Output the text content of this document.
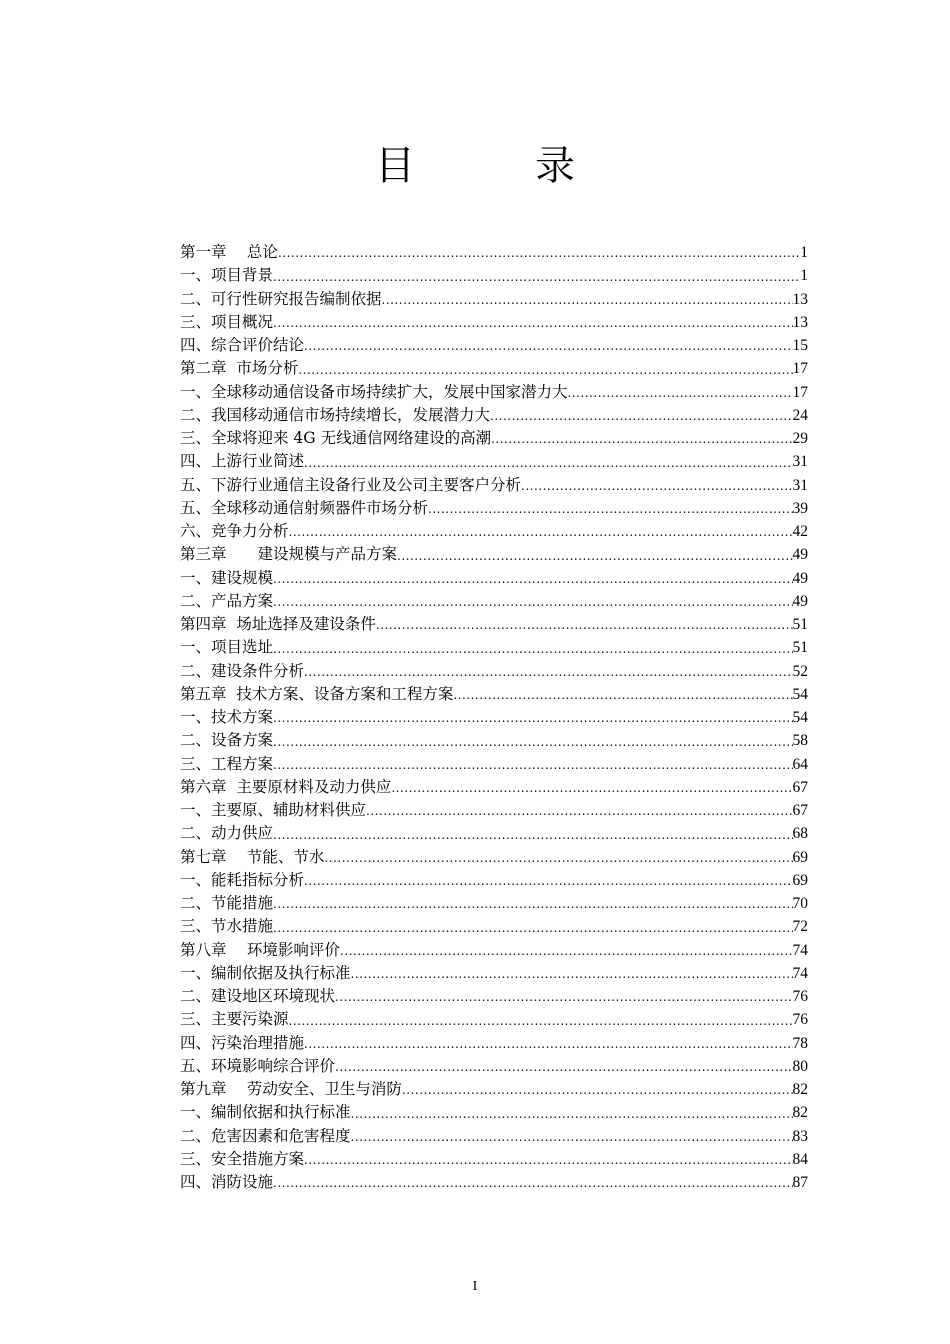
目　录
第一章　 总论 .....	1
一、项目背景 .....	1
二、可行性研究报告编制依据 .....	13
三、项目概况 .....	13
四、综合评价结论 .....	15
第二章  市场分析 .....	17
一、全球移动通信设备市场持续扩大，发展中国家潜力大 .....	17
二、我国移动通信市场持续增长，发展潜力大 .....	24
三、全球将迎来 4G 无线通信网络建设的高潮 .....	29
四、上游行业简述 .....	31
五、下游行业通信主设备行业及公司主要客户分析 .....	31
五、全球移动通信射频器件市场分析 .....	39
六、竞争力分析 .....	42
第三章　　建设规模与产品方案 .....	49
一、建设规模 .....	49
二、产品方案 .....	49
第四章  场址选择及建设条件 .....	51
一、项目选址 .....	51
二、建设条件分析 .....	52
第五章  技术方案、设备方案和工程方案 .....	54
一、技术方案 .....	54
二、设备方案 .....	58
三、工程方案 .....	64
第六章  主要原材料及动力供应 .....	67
一、主要原、辅助材料供应 .....	67
二、动力供应 .....	68
第七章　 节能、节水 .....	69
一、能耗指标分析 .....	69
二、节能措施 .....	70
三、节水措施 .....	72
第八章　 环境影响评价 .....	74
一、编制依据及执行标准 .....	74
二、建设地区环境现状 .....	76
三、主要污染源 .....	76
四、污染治理措施 .....	78
五、环境影响综合评价 .....	80
第九章　 劳动安全、卫生与消防 .....	82
一、编制依据和执行标准 .....	82
二、危害因素和危害程度 .....	83
三、安全措施方案 .....	84
四、消防设施 .....	87
I
